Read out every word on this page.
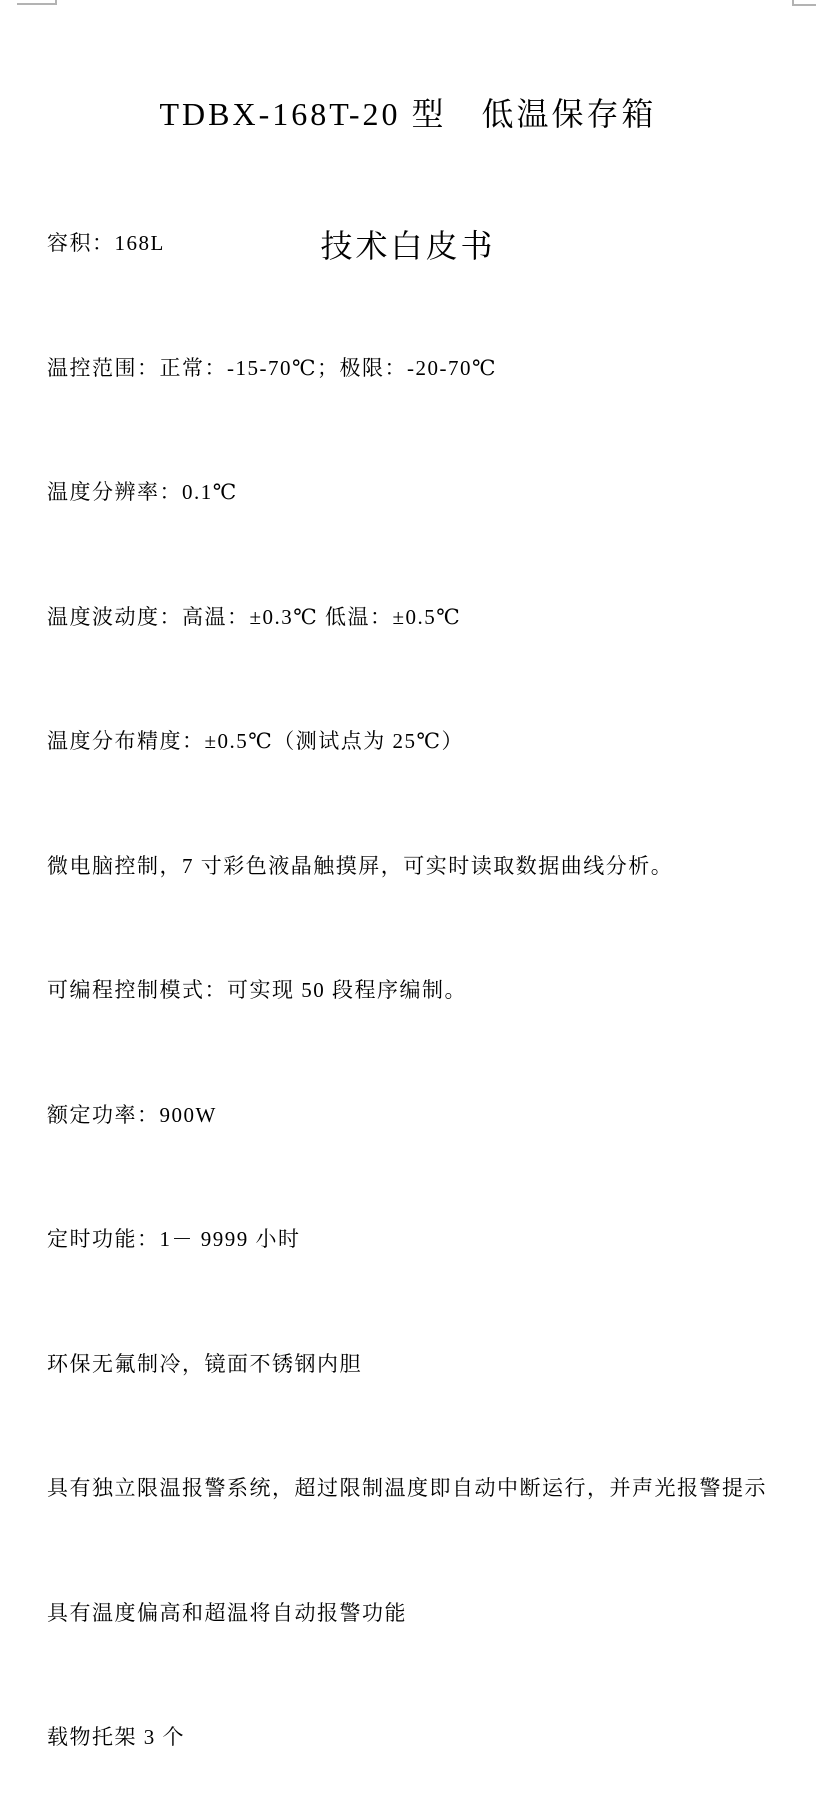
TDBX-168T-20 型　低温保存箱

技术白皮书

容积：168L

温控范围：正常：-15-70℃；极限：-20-70℃

温度分辨率：0.1℃

温度波动度：高温：±0.3℃ 低温：±0.5℃

温度分布精度：±0.5℃（测试点为 25℃）

微电脑控制，7 寸彩色液晶触摸屏，可实时读取数据曲线分析。

可编程控制模式：可实现 50 段程序编制。

额定功率：900W

定时功能：1－ 9999 小时

环保无氟制冷，镜面不锈钢内胆

具有独立限温报警系统，超过限制温度即自动中断运行，并声光报警提示

具有温度偏高和超温将自动报警功能

载物托架 3 个
